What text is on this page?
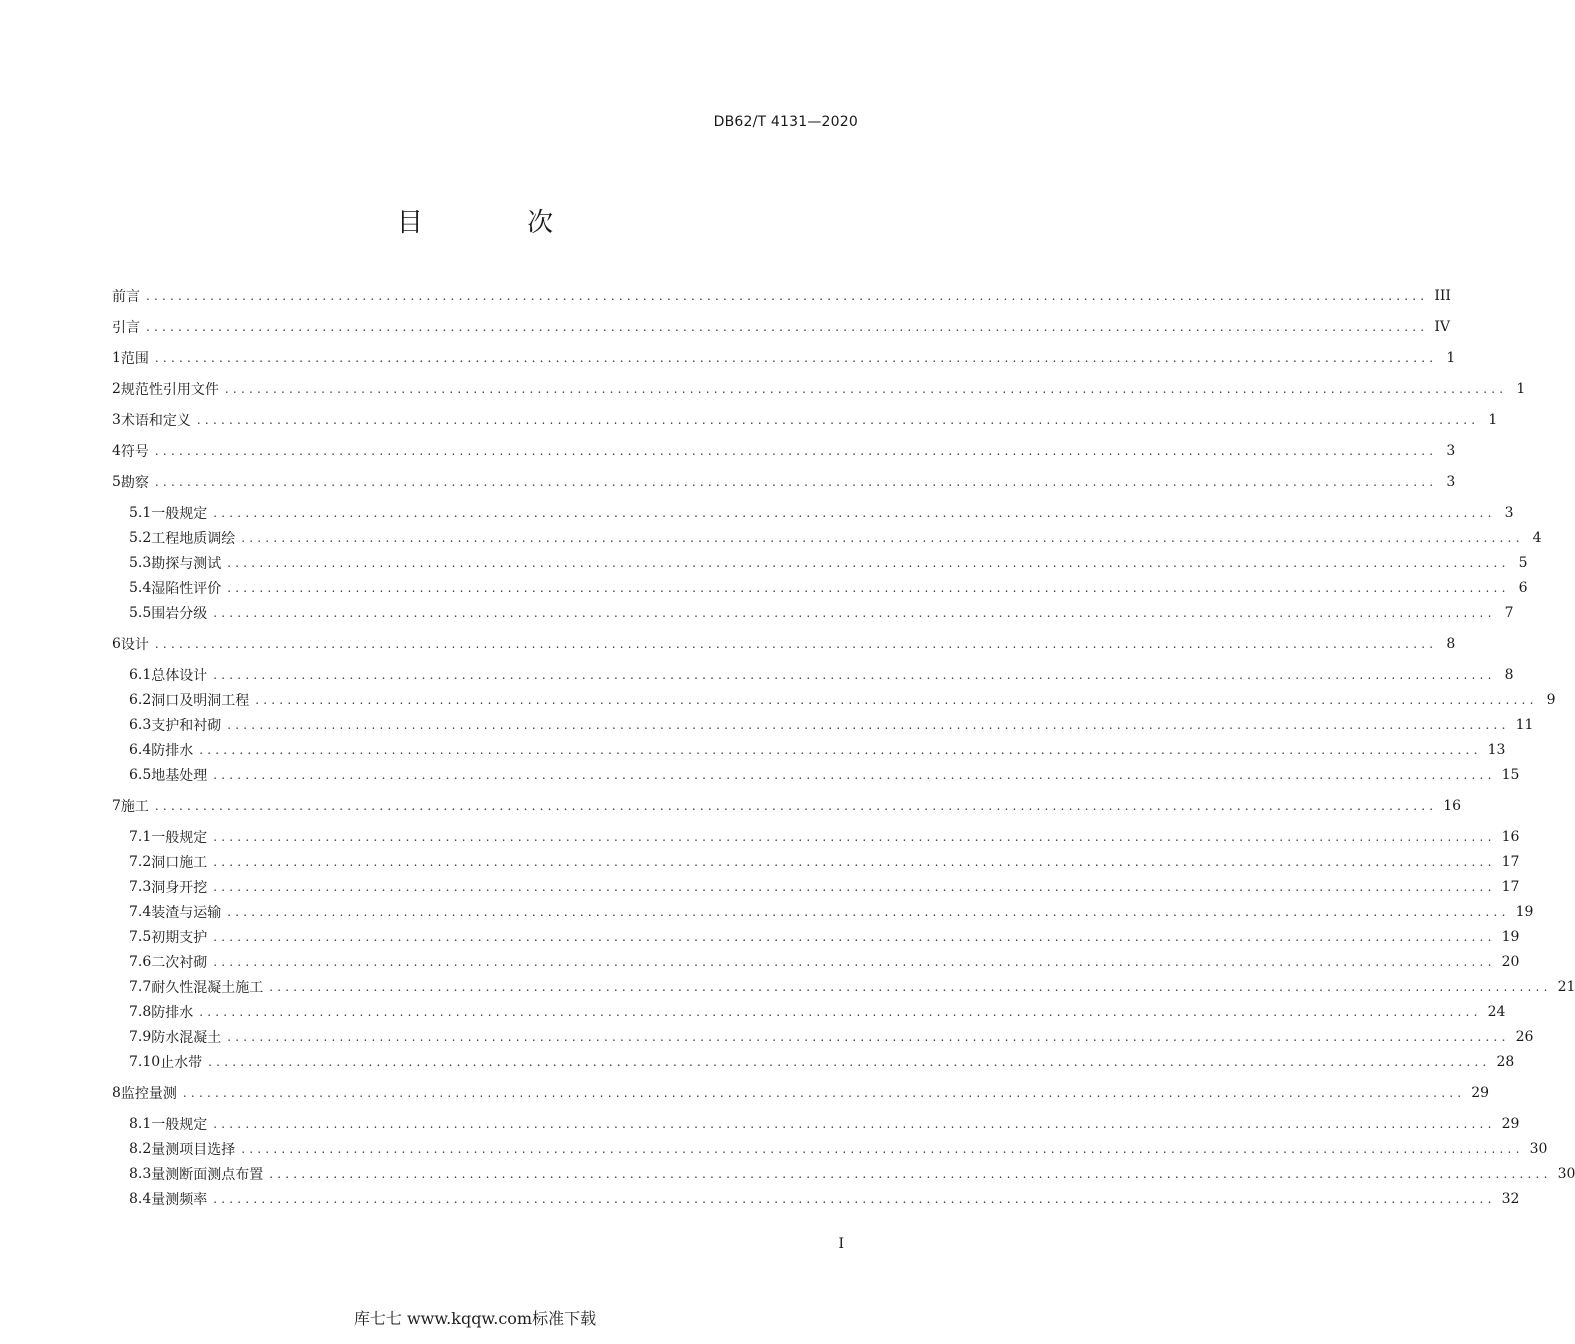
DB62/T 4131—2020
目 次
前言 ................................................................................................................................................................ III
引言 ................................................................................................................................................................ IV
1 范围 ................................................................................................................................................................ 1
2 规范性引用文件 ................................................................................................................................................................ 1
3 术语和定义 ................................................................................................................................................................ 1
4 符号 ................................................................................................................................................................ 3
5 勘察 ................................................................................................................................................................ 3
5.1 一般规定 ................................................................................................................................................................ 3
5.2 工程地质调绘 ................................................................................................................................................................ 4
5.3 勘探与测试 ................................................................................................................................................................ 5
5.4 湿陷性评价 ................................................................................................................................................................ 6
5.5 围岩分级 ................................................................................................................................................................ 7
6 设计 ................................................................................................................................................................ 8
6.1 总体设计 ................................................................................................................................................................ 8
6.2 洞口及明洞工程 ................................................................................................................................................................ 9
6.3 支护和衬砌 ................................................................................................................................................................ 11
6.4 防排水 ................................................................................................................................................................ 13
6.5 地基处理 ................................................................................................................................................................ 15
7 施工 ................................................................................................................................................................ 16
7.1 一般规定 ................................................................................................................................................................ 16
7.2 洞口施工 ................................................................................................................................................................ 17
7.3 洞身开挖 ................................................................................................................................................................ 17
7.4 装渣与运输 ................................................................................................................................................................ 19
7.5 初期支护 ................................................................................................................................................................ 19
7.6 二次衬砌 ................................................................................................................................................................ 20
7.7 耐久性混凝土施工 ................................................................................................................................................................ 21
7.8 防排水 ................................................................................................................................................................ 24
7.9 防水混凝土 ................................................................................................................................................................ 26
7.10 止水带 ................................................................................................................................................................ 28
8 监控量测 ................................................................................................................................................................ 29
8.1 一般规定 ................................................................................................................................................................ 29
8.2 量测项目选择 ................................................................................................................................................................ 30
8.3 量测断面测点布置 ................................................................................................................................................................ 30
8.4 量测频率 ................................................................................................................................................................ 32
I
库七七 www.kqqw.com标准下载
